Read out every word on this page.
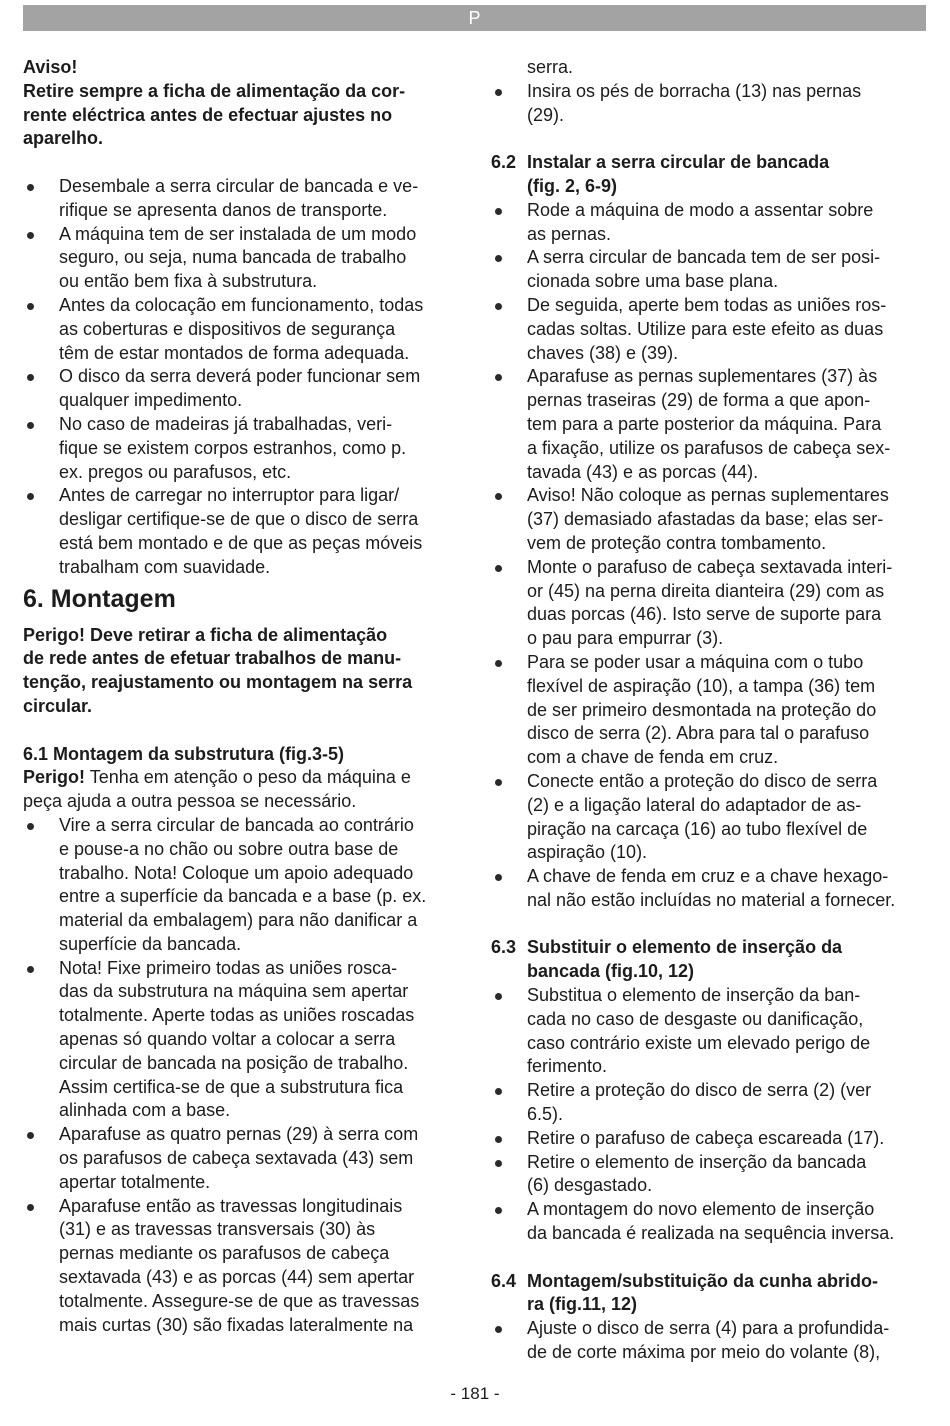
P

Aviso!

Retire sempre a ficha de alimentação da cor-
rente eléctrica antes de efectuar ajustes no
aparelho.
Desembale a serra circular de bancada e ve-
rifique se apresenta danos de transporte.
A máquina tem de ser instalada de um modo
seguro, ou seja, numa bancada de trabalho
ou então bem fixa à substrutura.
Antes da colocação em funcionamento, todas
as coberturas e dispositivos de segurança
têm de estar montados de forma adequada.
O disco da serra deverá poder funcionar sem
qualquer impedimento.
No caso de madeiras já trabalhadas, veri-
fique se existem corpos estranhos, como p.
ex. pregos ou parafusos, etc.
Antes de carregar no interruptor para ligar/
desligar certifique-se de que o disco de serra
está bem montado e de que as peças móveis
trabalham com suavidade.
6. Montagem
Perigo! Deve retirar a ficha de alimentação
de rede antes de efetuar trabalhos de manu-
tenção, reajustamento ou montagem na serra
circular.

6.1 Montagem da substrutura (fig.3-5)

Perigo! Tenha em atenção o peso da máquina e
peça ajuda a outra pessoa se necessário.
Vire a serra circular de bancada ao contrário
e pouse-a no chão ou sobre outra base de
trabalho. Nota! Coloque um apoio adequado
entre a superfície da bancada e a base (p. ex.
material da embalagem) para não danificar a
superfície da bancada.
Nota! Fixe primeiro todas as uniões rosca-
das da substrutura na máquina sem apertar
totalmente. Aperte todas as uniões roscadas
apenas só quando voltar a colocar a serra
circular de bancada na posição de trabalho.
Assim certifica-se de que a substrutura fica
alinhada com a base.
Aparafuse as quatro pernas (29) à serra com
os parafusos de cabeça sextavada (43) sem
apertar totalmente.
Aparafuse então as travessas longitudinais
(31) e as travessas transversais (30) às
pernas mediante os parafusos de cabeça
sextavada (43) e as porcas (44) sem apertar
totalmente. Assegure-se de que as travessas
mais curtas (30) são fixadas lateralmente na

serra.

Insira os pés de borracha (13) nas pernas
(29).
6.2 Instalar a serra circular de bancada
(fig. 2, 6-9)
Rode a máquina de modo a assentar sobre
as pernas.
A serra circular de bancada tem de ser posi-
cionada sobre uma base plana.
De seguida, aperte bem todas as uniões ros-
cadas soltas. Utilize para este efeito as duas
chaves (38) e (39).
Aparafuse as pernas suplementares (37) às
pernas traseiras (29) de forma a que apon-
tem para a parte posterior da máquina. Para
a fixação, utilize os parafusos de cabeça sex-
tavada (43) e as porcas (44).
Aviso! Não coloque as pernas suplementares
(37) demasiado afastadas da base; elas ser-
vem de proteção contra tombamento.
Monte o parafuso de cabeça sextavada interi-
or (45) na perna direita dianteira (29) com as
duas porcas (46). Isto serve de suporte para
o pau para empurrar (3).
Para se poder usar a máquina com o tubo
flexível de aspiração (10), a tampa (36) tem
de ser primeiro desmontada na proteção do
disco de serra (2). Abra para tal o parafuso
com a chave de fenda em cruz.
Conecte então a proteção do disco de serra
(2) e a ligação lateral do adaptador de as-
piração na carcaça (16) ao tubo flexível de
aspiração (10).
A chave de fenda em cruz e a chave hexago-
nal não estão incluídas no material a fornecer.
6.3 Substituir o elemento de inserção da
bancada (fig.10, 12)
Substitua o elemento de inserção da ban-
cada no caso de desgaste ou danificação,
caso contrário existe um elevado perigo de
ferimento.
Retire a proteção do disco de serra (2) (ver
6.5).
Retire o parafuso de cabeça escareada (17).
Retire o elemento de inserção da bancada
(6) desgastado.
A montagem do novo elemento de inserção
da bancada é realizada na sequência inversa.
6.4 Montagem/substituição da cunha abrido-
ra (fig.11, 12)
Ajuste o disco de serra (4) para a profundida-
de de corte máxima por meio do volante (8),
- 181 -
